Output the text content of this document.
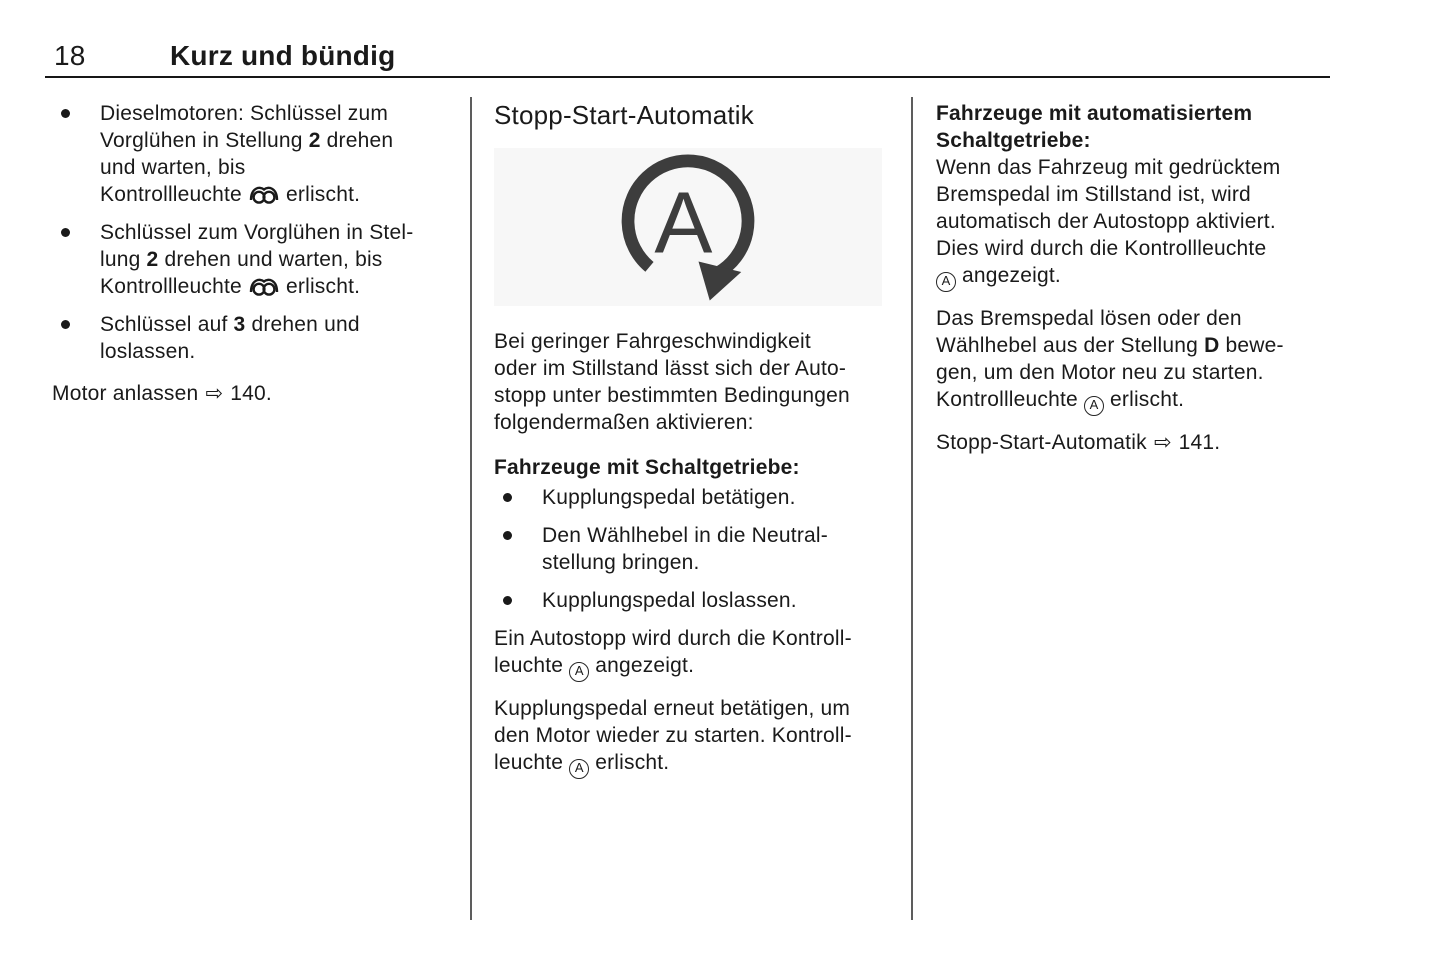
18	Kurz und bündig
Dieselmotoren: Schlüssel zum
Vorglühen in Stellung 2 drehen
und warten, bis
Kontrollleuchte
erlischt.
Schlüssel zum Vorglühen in Stel-
lung 2 drehen und warten, bis
Kontrollleuchte
erlischt.
Schlüssel auf 3 drehen und
loslassen.
Motor anlassen ⇨ 140.
Stopp-Start-Automatik
A

Bei geringer Fahrgeschwindigkeit
oder im Stillstand lässt sich der Auto-
stopp unter bestimmten Bedingungen
folgendermaßen aktivieren:

Fahrzeuge mit Schaltgetriebe:
Kupplungspedal betätigen.
Den Wählhebel in die Neutral-
stellung bringen.
Kupplungspedal loslassen.

Ein Autostopp wird durch die Kontroll-
leuchte A angezeigt.

Kupplungspedal erneut betätigen, um
den Motor wieder zu starten. Kontroll-
leuchte A erlischt.

Fahrzeuge mit automatisiertem
Schaltgetriebe:

Wenn das Fahrzeug mit gedrücktem
Bremspedal im Stillstand ist, wird
automatisch der Autostopp aktiviert.
Dies wird durch die Kontrollleuchte
A angezeigt.

Das Bremspedal lösen oder den
Wählhebel aus der Stellung D bewe-
gen, um den Motor neu zu starten.
Kontrollleuchte A erlischt.

Stopp-Start-Automatik ⇨ 141.
